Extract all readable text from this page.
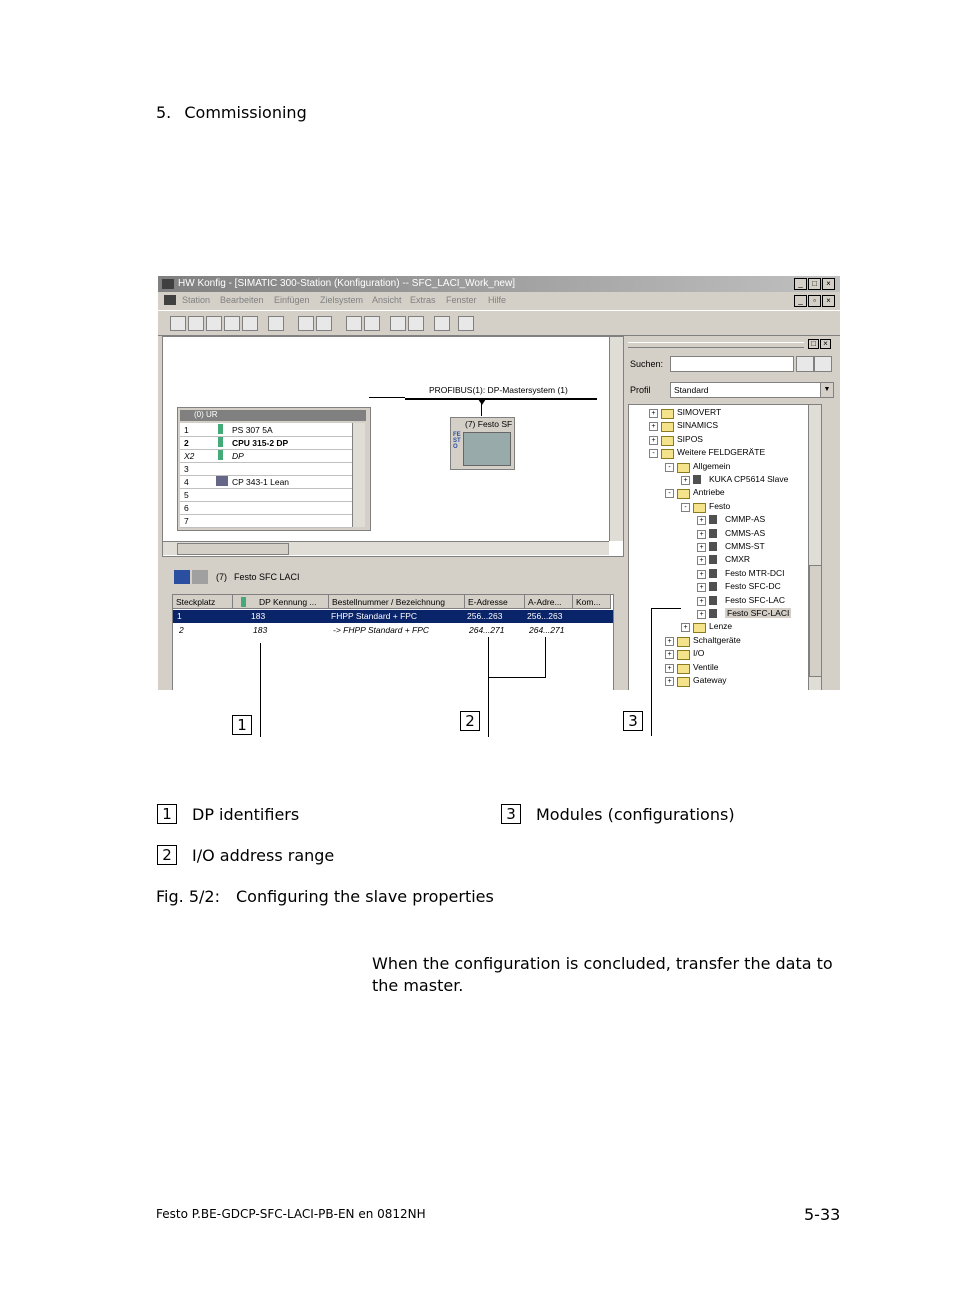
5. Commissioning
HW Konfig - [SIMATIC 300-Station (Konfiguration) -- SFC_LACI_Work_new]	_	□	×
Station Bearbeiten Einfügen Zielsystem Ansicht Extras Fenster Hilfe	_	▫	×
(0) UR
1	PS 307 5A
2	CPU 315-2 DP
X2	DP
3
4	CP 343-1 Lean
5
6
7
PROFIBUS(1): DP-Mastersystem (1)
(7) Festo SF
FESTO
(7) Festo SFC LACI
Steckplatz	DP Kennung ...	Bestellnummer / Bezeichnung	E-Adresse	A-Adre...	Kom...
1	183	FHPP Standard + FPC	256...263	256...263
2	183	-> FHPP Standard + FPC	264...271	264...271
□ ×
Suchen:
Profil	Standard	▼
+	SIMOVERT
+	SINAMICS
+	SIPOS
-	Weitere FELDGERÄTE
-	Allgemein
+	KUKA CP5614 Slave
-	Antriebe
-	Festo
+	CMMP-AS
+	CMMS-AS
+	CMMS-ST
+	CMXR
+	Festo MTR-DCI
+	Festo SFC-DC
+	Festo SFC-LAC
+	Festo SFC-LACI
+	Lenze
+	Schaltgeräte
+	I/O
+	Ventile
+	Gateway
1	2	3
1	DP identifiers	3	Modules (configurations)
2	I/O address range
Fig. 5/2: Configuring the slave properties
When the configuration is concluded, transfer the data to the master.
Festo P.BE-GDCP-SFC-LACI-PB-EN en 0812NH	5-33
